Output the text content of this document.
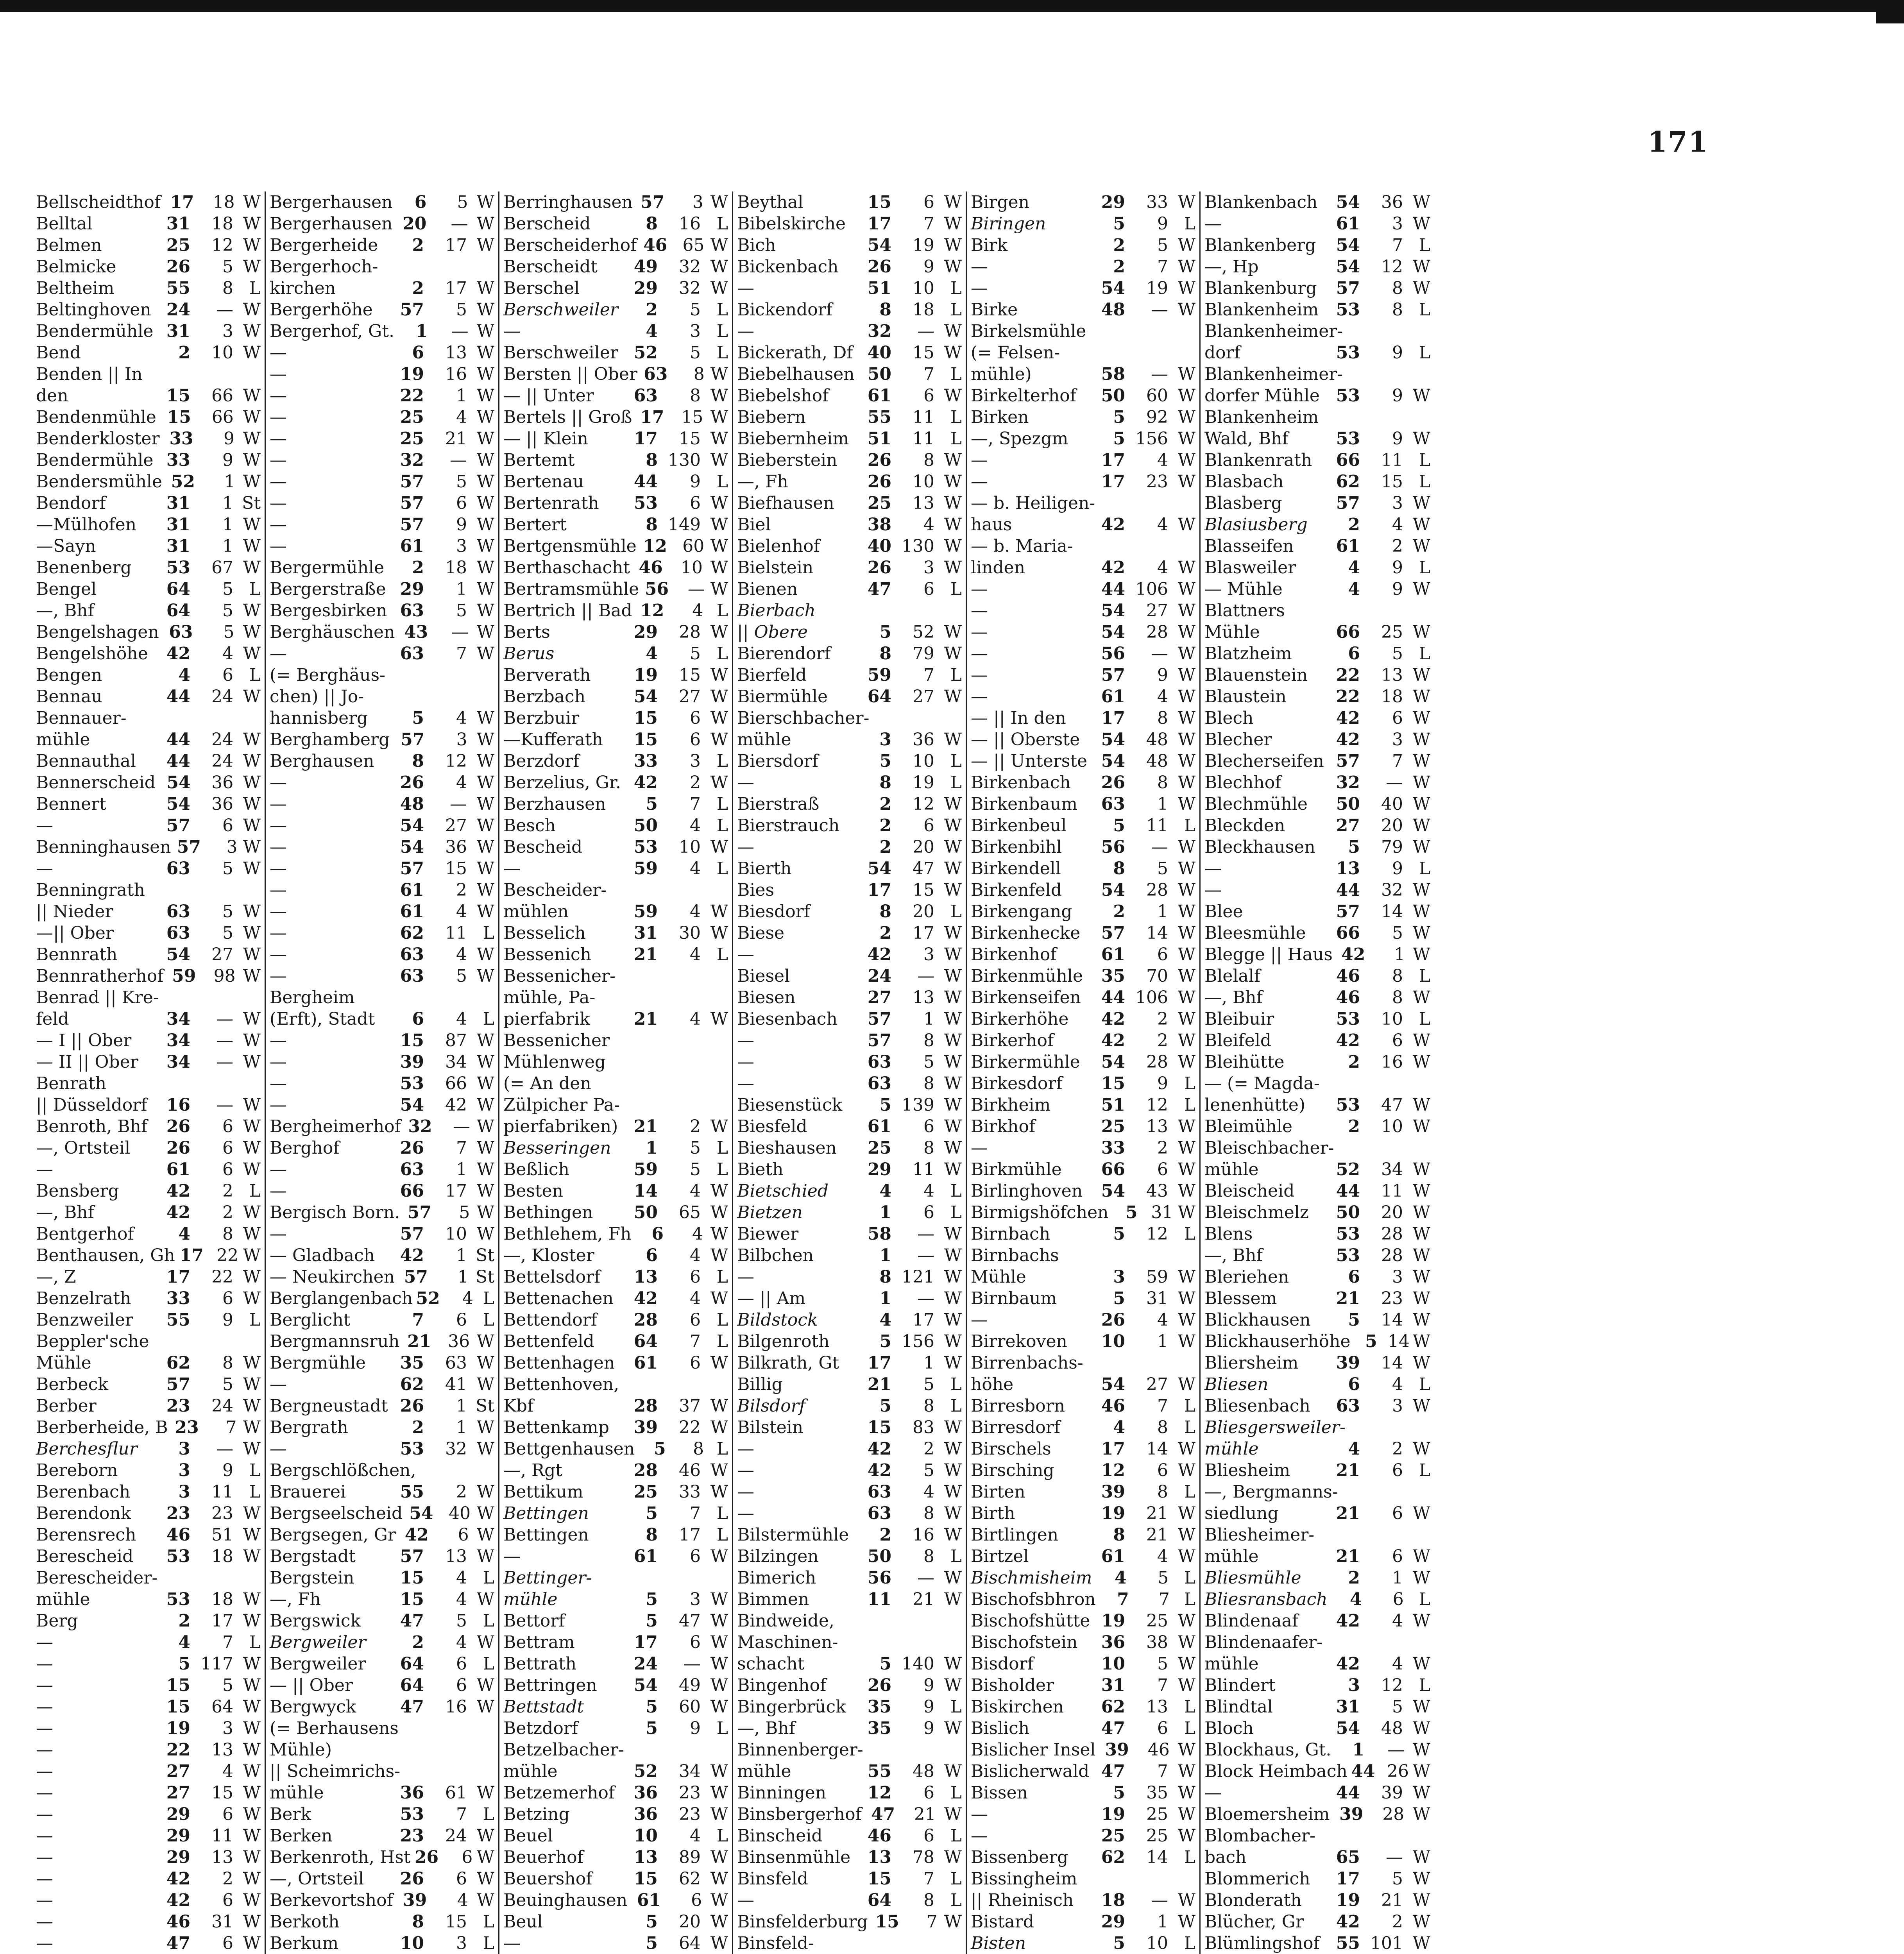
171
Bellscheidthof 17	18 W
Belltal	31	18 W
Belmen	25	12 W
Belmicke	26	5 W
Beltheim	55	8 L
Beltinghoven 24	— W
Bendermühle 31	3 W
Bend	2	10 W
Benden || In
den	15	66 W
Bendenmühle 15	66 W
Benderkloster 33	9 W
Bendermühle 33	9 W
Bendersmühle 52	1 W
Bendorf	31	1 St
—Mülhofen	31	1 W
—Sayn	31	1 W
Benenberg	53	67 W
Bengel	64	5 L
—, Bhf	64	5 W
Bengelshagen 63	5 W
Bengelshöhe	42	4 W
Bengen	4	6 L
Bennau	44	24 W
Bennauer-
mühle	44	24 W
Bennauthal	44	24 W
Bennerscheid 54	36 W
Bennert	54	36 W
—	57	6 W
Benninghausen 57	3 W
—	63	5 W
Benningrath
|| Nieder	63	5 W
—|| Ober	63	5 W
Bennrath	54	27 W
Bennratherhof 59	98 W
Benrad || Kre-
feld	34	— W
— I || Ober	34	— W
— II || Ober	34	— W
Benrath
|| Düsseldorf	16	— W
Benroth, Bhf	26	6 W
—, Ortsteil	26	6 W
—	61	6 W
Bensberg	42	2 L
—, Bhf	42	2 W
Bentgerhof	4	8 W
Benthausen, Gh 17 22 W
—, Z	17	22 W
Benzelrath	33	6 W
Benzweiler	55	9 L
Beppler'sche
Mühle	62	8 W
Berbeck	57	5 W
Berber	23	24 W
Berberheide, B 23	7 W
Berchesflur	3	— W
Bereborn	3	9 L
Berenbach	3	11 L
Berendonk	23	23 W
Berensrech	46	51 W
Berescheid	53	18 W
Berescheider-
mühle	53	18 W
Berg	2	17 W
—	4	7 L
—	5 117 W
—	15	5 W
—	15	64 W
—	19	3 W
—	22	13 W
—	27	4 W
—	27	15 W
—	29	6 W
—	29	11 W
—	29	13 W
—	42	2 W
—	42	6 W
—	46	31 W
—	47	6 W
Bergerhausen	6	5 W
Bergerhausen 20	— W
Bergerheide	2	17 W
Bergerhoch-
kirchen	2	17 W
Bergerhöhe	57	5 W
Bergerhof, Gt.	1	— W
—	6	13 W
—	19	16 W
—	22	1 W
—	25	4 W
—	25	21 W
—	32	— W
—	57	5 W
—	57	6 W
—	57	9 W
—	61	3 W
Bergermühle	2	18 W
Bergerstraße 29	1 W
Bergesbirken 63	5 W
Berghäuschen 43	— W
—	63	7 W
(= Berghäus-
chen) || Jo-
hannisberg	5	4 W
Berghamberg 57	3 W
Berghausen	8	12 W
—	26	4 W
—	48	— W
—	54	27 W
—	54	36 W
—	57	15 W
—	61	2 W
—	61	4 W
—	62	11 L
—	63	4 W
—	63	5 W
Bergheim
(Erft), Stadt	6	4 L
—	15	87 W
—	39	34 W
—	53	66 W
—	54	42 W
Bergheimerhof 32	— W
Berghof	26	7 W
—	63	1 W
—	66	17 W
Bergisch Born. 57	5 W
—	57	10 W
— Gladbach	42	1 St
— Neukirchen 57	1 St
Berglangenbach 52	4 L
Berglicht	7	6 L
Bergmannsruh 21 36 W
Bergmühle	35	63 W
—	62	41 W
Bergneustadt 26	1 St
Bergrath	2	1 W
—	53	32 W
Bergschlößchen,
Brauerei	55	2 W
Bergseelscheid 54 40 W
Bergsegen, Gr 42	6 W
Bergstadt	57	13 W
Bergstein	15	4 L
—, Fh	15	4 W
Bergswick	47	5 L
Bergweiler	2	4 W
Bergweiler	64	6 L
— || Ober	64	6 W
Bergwyck	47	16 W
(= Berhausens
Mühle)
|| Scheimrichs-
mühle	36	61 W
Berk	53	7 L
Berken	23	24 W
Berkenroth, Hst 26	6 W
—, Ortsteil	26	6 W
Berkevortshof 39	4 W
Berkoth	8	15 L
Berkum	10	3 L
Berringhausen 57	3 W
Berscheid	8	16 L
Berscheiderhof 46 65 W
Berscheidt	49	32 W
Berschel	29	32 W
Berschweiler	2	5 L
—	4	3 L
Berschweiler 52	5 L
Bersten || Ober 63	8 W
— || Unter	63	8 W
Bertels || Groß 17	15 W
— || Klein	17	15 W
Bertemt	8 130 W
Bertenau	44	9 L
Bertenrath	53	6 W
Bertert	8 149 W
Bertgensmühle 12 60 W
Berthaschacht 46	10 W
Bertramsmühle 56	— W
Bertrich || Bad 12	4 L
Berts	29	28 W
Berus	4	5 L
Berverath	19	15 W
Berzbach	54	27 W
Berzbuir	15	6 W
—Kufferath	15	6 W
Berzdorf	33	3 L
Berzelius, Gr. 42	2 W
Berzhausen	5	7 L
Besch	50	4 L
Bescheid	53	10 W
—	59	4 L
Bescheider-
mühlen	59	4 W
Besselich	31	30 W
Bessenich	21	4 L
Bessenicher-
mühle, Pa-
pierfabrik	21	4 W
Bessenicher
Mühlenweg
(= An den
Zülpicher Pa-
pierfabriken) 21	2 W
Besseringen	1	5 L
Beßlich	59	5 L
Besten	14	4 W
Bethingen	50	65 W
Bethlehem, Fh	6	4 W
—, Kloster	6	4 W
Bettelsdorf	13	6 L
Bettenachen	42	4 W
Bettendorf	28	6 L
Bettenfeld	64	7 L
Bettenhagen	61	6 W
Bettenhoven,
Kbf	28	37 W
Bettenkamp	39	22 W
Bettgenhausen	5	8 L
—, Rgt	28	46 W
Bettikum	25	33 W
Bettingen	5	7 L
Bettingen	8	17 L
—	61	6 W
Bettinger-
mühle	5	3 W
Bettorf	5	47 W
Bettram	17	6 W
Bettrath	24	— W
Bettringen	54	49 W
Bettstadt	5	60 W
Betzdorf	5	9 L
Betzelbacher-
mühle	52	34 W
Betzemerhof	36	23 W
Betzing	36	23 W
Beuel	10	4 L
Beuerhof	13	89 W
Beuershof	15	62 W
Beuinghausen 61	6 W
Beul	5	20 W
—	5	64 W
Beythal	15	6 W
Bibelskirche	17	7 W
Bich	54	19 W
Bickenbach	26	9 W
—	51	10 L
Bickendorf	8	18 L
—	32	— W
Bickerath, Df 40	15 W
Biebelhausen 50	7 L
Biebelshof	61	6 W
Biebern	55	11 L
Biebernheim	51	11 L
Bieberstein	26	8 W
—, Fh	26	10 W
Biefhausen	25	13 W
Biel	38	4 W
Bielenhof	40 130 W
Bielstein	26	3 W
Bienen	47	6 L
Bierbach
|| Obere	5	52 W
Bierendorf	8	79 W
Bierfeld	59	7 L
Biermühle	64	27 W
Bierschbacher-
mühle	3	36 W
Biersdorf	5	10 L
—	8	19 L
Bierstraß	2	12 W
Bierstrauch	2	6 W
—	2	20 W
Bierth	54	47 W
Bies	17	15 W
Biesdorf	8	20 L
Biese	2	17 W
—	42	3 W
Biesel	24	— W
Biesen	27	13 W
Biesenbach	57	1 W
—	57	8 W
—	63	5 W
—	63	8 W
Biesenstück	5 139 W
Biesfeld	61	6 W
Bieshausen	25	8 W
Bieth	29	11 W
Bietschied	4	4 L
Bietzen	1	6 L
Biewer	58	— W
Bilbchen	1	— W
—	8 121 W
— || Am	1	— W
Bildstock	4	17 W
Bilgenroth	5 156 W
Bilkrath, Gt	17	1 W
Billig	21	5 L
Bilsdorf	5	8 L
Bilstein	15	83 W
—	42	2 W
—	42	5 W
—	63	4 W
—	63	8 W
Bilstermühle	2	16 W
Bilzingen	50	8 L
Bimerich	56	— W
Bimmen	11	21 W
Bindweide,
Maschinen-
schacht	5 140 W
Bingenhof	26	9 W
Bingerbrück	35	9 L
—, Bhf	35	9 W
Binnenberger-
mühle	55	48 W
Binningen	12	6 L
Binsbergerhof 47	21 W
Binscheid	46	6 L
Binsenmühle 13	78 W
Binsfeld	15	7 L
—	64	8 L
Binsfelderburg 15	7 W
Binsfeld-
Birgen	29	33 W
Biringen	5	9 L
Birk	2	5 W
—	2	7 W
—	54	19 W
Birke	48	— W
Birkelsmühle
(= Felsen-
mühle)	58	— W
Birkelterhof	50	60 W
Birken	5	92 W
—, Spezgm	5 156 W
—	17	4 W
—	17	23 W
— b. Heiligen-
haus	42	4 W
— b. Maria-
linden	42	4 W
—	44 106 W
—	54	27 W
—	54	28 W
—	56	— W
—	57	9 W
—	61	4 W
— || In den	17	8 W
— || Oberste	54	48 W
— || Unterste 54	48 W
Birkenbach	26	8 W
Birkenbaum	63	1 W
Birkenbeul	5	11 L
Birkenbihl	56	— W
Birkendell	8	5 W
Birkenfeld	54	28 W
Birkengang	2	1 W
Birkenhecke	57	14 W
Birkenhof	61	6 W
Birkenmühle	35	70 W
Birkenseifen	44 106 W
Birkerhöhe	42	2 W
Birkerhof	42	2 W
Birkermühle	54	28 W
Birkesdorf	15	9 L
Birkheim	51	12 L
Birkhof	25	13 W
—	33	2 W
Birkmühle	66	6 W
Birlinghoven	54	43 W
Birmigshöfchen 5 31 W
Birnbach	5	12 L
Birnbachs
Mühle	3	59 W
Birnbaum	5	31 W
—	26	4 W
Birrekoven	10	1 W
Birrenbachs-
höhe	54	27 W
Birresborn	46	7 L
Birresdorf	4	8 L
Birschels	17	14 W
Birsching	12	6 W
Birten	39	8 L
Birth	19	21 W
Birtlingen	8	21 W
Birtzel	61	4 W
Bischmisheim	4	5 L
Bischofsbhron	7	7 L
Bischofshütte 19	25 W
Bischofstein	36	38 W
Bisdorf	10	5 W
Bisholder	31	7 W
Biskirchen	62	13 L
Bislich	47	6 L
Bislicher Insel 39	46 W
Bislicherwald 47	7 W
Bissen	5	35 W
—	19	25 W
—	25	25 W
Bissenberg	62	14 L
Bissingheim
|| Rheinisch	18	— W
Bistard	29	1 W
Bisten	5	10 L
Blankenbach	54	36 W
—	61	3 W
Blankenberg	54	7 L
—, Hp	54	12 W
Blankenburg	57	8 W
Blankenheim	53	8 L
Blankenheimer-
dorf	53	9 L
Blankenheimer-
dorfer Mühle 53	9 W
Blankenheim
Wald, Bhf	53	9 W
Blankenrath	66	11 L
Blasbach	62	15 L
Blasberg	57	3 W
Blasiusberg	2	4 W
Blasseifen	61	2 W
Blasweiler	4	9 L
— Mühle	4	9 W
Blattners
Mühle	66	25 W
Blatzheim	6	5 L
Blauenstein	22	13 W
Blaustein	22	18 W
Blech	42	6 W
Blecher	42	3 W
Blecherseifen 57	7 W
Blechhof	32	— W
Blechmühle	50	40 W
Bleckden	27	20 W
Bleckhausen	5	79 W
—	13	9 L
—	44	32 W
Blee	57	14 W
Bleesmühle	66	5 W
Blegge || Haus 42	1 W
Blelalf	46	8 L
—, Bhf	46	8 W
Bleibuir	53	10 L
Bleifeld	42	6 W
Bleihütte	2	16 W
— (= Magda-
lenenhütte)	53	47 W
Bleimühle	2	10 W
Bleischbacher-
mühle	52	34 W
Bleischeid	44	11 W
Bleischmelz	50	20 W
Blens	53	28 W
—, Bhf	53	28 W
Bleriehen	6	3 W
Blessem	21	23 W
Blickhausen	5	14 W
Blickhauserhöhe 5 14 W
Bliersheim	39	14 W
Bliesen	6	4 L
Bliesenbach	63	3 W
Bliesgersweiler-
mühle	4	2 W
Bliesheim	21	6 L
—, Bergmanns-
siedlung	21	6 W
Bliesheimer-
mühle	21	6 W
Bliesmühle	2	1 W
Bliesransbach	4	6 L
Blindenaaf	42	4 W
Blindenaafer-
mühle	42	4 W
Blindert	3	12 L
Blindtal	31	5 W
Bloch	54	48 W
Blockhaus, Gt.	1	— W
Block Heimbach 44 26 W
—	44	39 W
Bloemersheim 39	28 W
Blombacher-
bach	65	— W
Blommerich	17	5 W
Blonderath	19	21 W
Blücher, Gr	42	2 W
Blümlingshof 55 101 W
